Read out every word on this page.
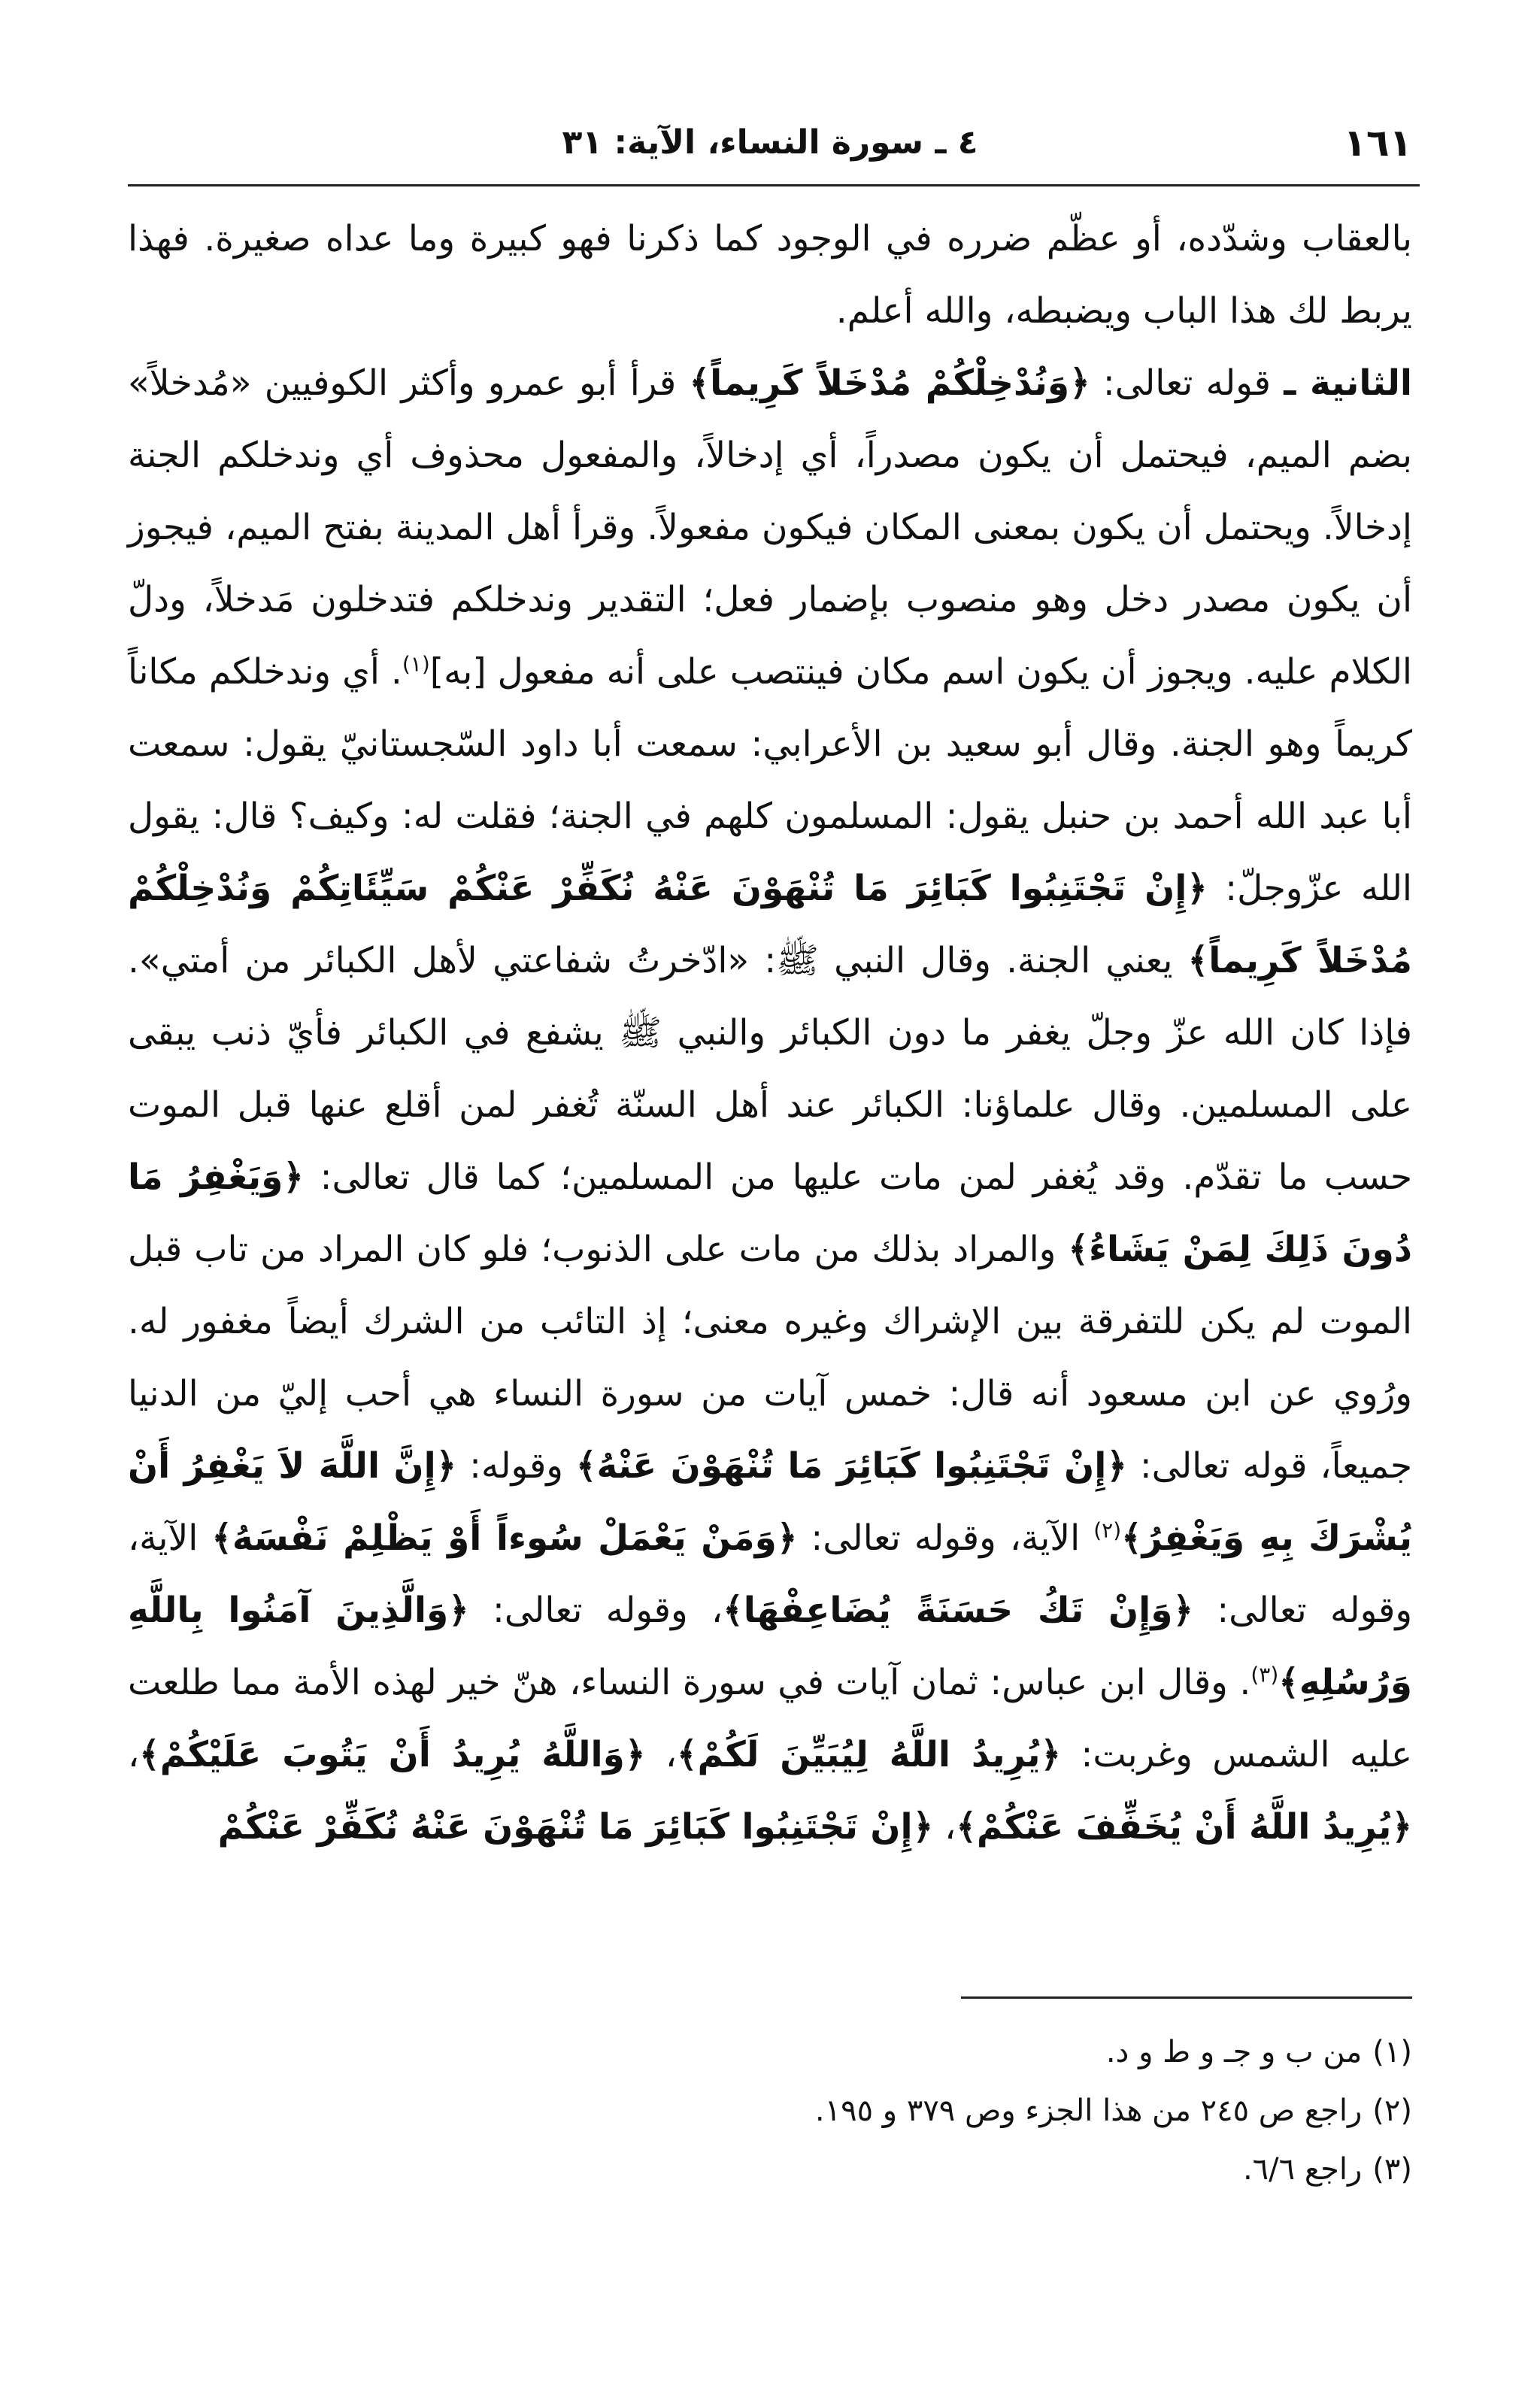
١٦١
٤ ـ سورة النساء، الآية: ٣١

بالعقاب وشدّده، أو عظّم ضرره في الوجود كما ذكرنا فهو كبيرة وما عداه صغيرة. فهذا يربط لك هذا الباب ويضبطه، والله أعلم.

الثانية ـ قوله تعالى: ﴿وَنُدْخِلْكُمْ مُدْخَلاً كَرِيماً﴾ قرأ أبو عمرو وأكثر الكوفيين «مُدخلاً» بضم الميم، فيحتمل أن يكون مصدراً، أي إدخالاً، والمفعول محذوف أي وندخلكم الجنة إدخالاً. ويحتمل أن يكون بمعنى المكان فيكون مفعولاً. وقرأ أهل المدينة بفتح الميم، فيجوز أن يكون مصدر دخل وهو منصوب بإضمار فعل؛ التقدير وندخلكم فتدخلون مَدخلاً، ودلّ الكلام عليه. ويجوز أن يكون اسم مكان فينتصب على أنه مفعول [به]$^{(١)}$. أي وندخلكم مكاناً كريماً وهو الجنة. وقال أبو سعيد بن الأعرابي: سمعت أبا داود السّجستانيّ يقول: سمعت أبا عبد الله أحمد بن حنبل يقول: المسلمون كلهم في الجنة؛ فقلت له: وكيف؟ قال: يقول الله عزّوجلّ: ﴿إِنْ تَجْتَنِبُوا كَبَائِرَ مَا تُنْهَوْنَ عَنْهُ نُكَفِّرْ عَنْكُمْ سَيِّئَاتِكُمْ وَنُدْخِلْكُمْ مُدْخَلاً كَرِيماً﴾ يعني الجنة. وقال النبي ﷺ: «ادّخرتُ شفاعتي لأهل الكبائر من أمتي». فإذا كان الله عزّ وجلّ يغفر ما دون الكبائر والنبي ﷺ يشفع في الكبائر فأيّ ذنب يبقى على المسلمين. وقال علماؤنا: الكبائر عند أهل السنّة تُغفر لمن أقلع عنها قبل الموت حسب ما تقدّم. وقد يُغفر لمن مات عليها من المسلمين؛ كما قال تعالى: ﴿وَيَغْفِرُ مَا دُونَ ذَلِكَ لِمَنْ يَشَاءُ﴾ والمراد بذلك من مات على الذنوب؛ فلو كان المراد من تاب قبل الموت لم يكن للتفرقة بين الإشراك وغيره معنى؛ إذ التائب من الشرك أيضاً مغفور له. ورُوي عن ابن مسعود أنه قال: خمس آيات من سورة النساء هي أحب إليّ من الدنيا جميعاً، قوله تعالى: ﴿إِنْ تَجْتَنِبُوا كَبَائِرَ مَا تُنْهَوْنَ عَنْهُ﴾ وقوله: ﴿إِنَّ اللَّهَ لاَ يَغْفِرُ أَنْ يُشْرَكَ بِهِ وَيَغْفِرُ﴾$^{(٢)}$ الآية، وقوله تعالى: ﴿وَمَنْ يَعْمَلْ سُوءاً أَوْ يَظْلِمْ نَفْسَهُ﴾ الآية، وقوله تعالى: ﴿وَإِنْ تَكُ حَسَنَةً يُضَاعِفْهَا﴾، وقوله تعالى: ﴿وَالَّذِينَ آمَنُوا بِاللَّهِ وَرُسُلِهِ﴾$^{(٣)}$. وقال ابن عباس: ثمان آيات في سورة النساء، هنّ خير لهذه الأمة مما طلعت عليه الشمس وغربت: ﴿يُرِيدُ اللَّهُ لِيُبَيِّنَ لَكُمْ﴾، ﴿وَاللَّهُ يُرِيدُ أَنْ يَتُوبَ عَلَيْكُمْ﴾، ﴿يُرِيدُ اللَّهُ أَنْ يُخَفِّفَ عَنْكُمْ﴾، ﴿إِنْ تَجْتَنِبُوا كَبَائِرَ مَا تُنْهَوْنَ عَنْهُ نُكَفِّرْ عَنْكُمْ

(١)من ب و جـ و ط و د.

(٢)راجع ص ٢٤٥ من هذا الجزء وص ٣٧٩ و ١٩٥.

(٣)راجع ٦/٦.
